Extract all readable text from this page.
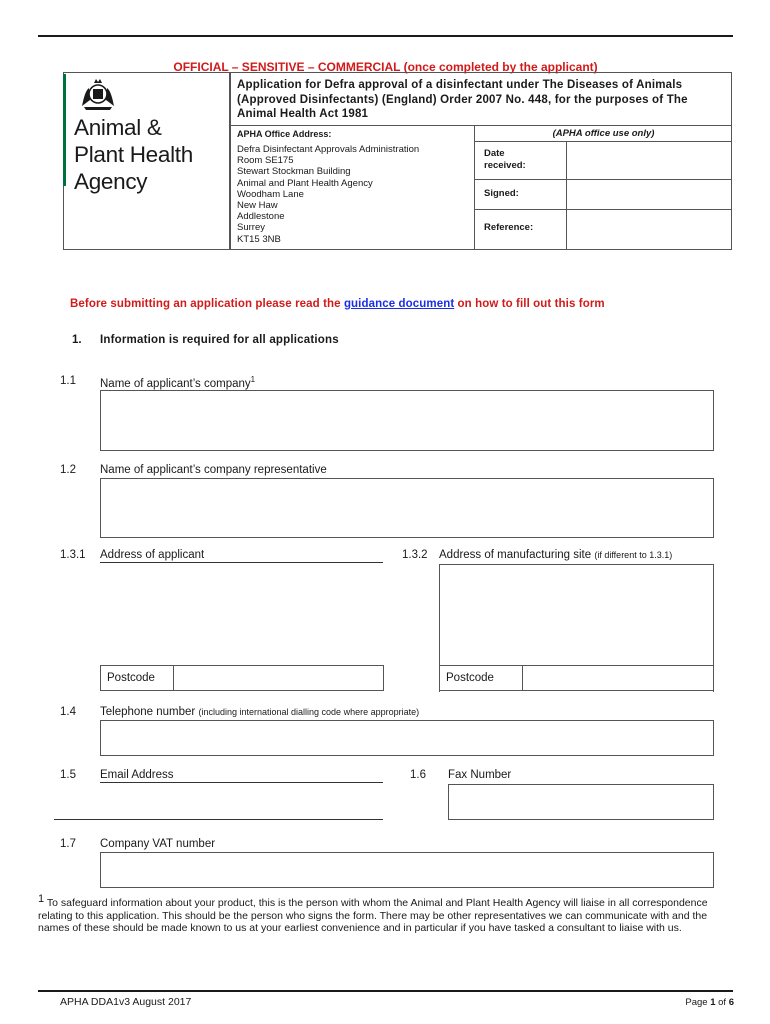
OFFICIAL – SENSITIVE – COMMERCIAL (once completed by the applicant)
Animal &
Plant Health
Agency
Application for Defra approval of a disinfectant under The Diseases of Animals (Approved Disinfectants) (England) Order 2007 No. 448, for the purposes of The Animal Health Act 1981
APHA Office Address:
Defra Disinfectant Approvals Administration
Room SE175
Stewart Stockman Building
Animal and Plant Health Agency
Woodham Lane
New Haw
Addlestone
Surrey
KT15 3NB
(APHA office use only)
Date received:
Signed:
Reference:
Before submitting an application please read the guidance document on how to fill out this form
1. Information is required for all applications
1.1 Name of applicant’s company$^1$
1.2 Name of applicant’s company representative
1.3.1 Address of applicant
Postcode
1.3.2 Address of manufacturing site (if different to 1.3.1)
Postcode
1.4 Telephone number (including international dialling code where appropriate)
1.5 Email Address	1.6 Fax Number
1.7 Company VAT number
$^1$ To safeguard information about your product, this is the person with whom the Animal and Plant Health Agency will liaise in all correspondence relating to this application. This should be the person who signs the form. There may be other representatives we can communicate with and the names of these should be made known to us at your earliest convenience and in particular if you have tasked a consultant to liaise with us.
APHA DDA1v3 August 2017	Page 1 of 6
